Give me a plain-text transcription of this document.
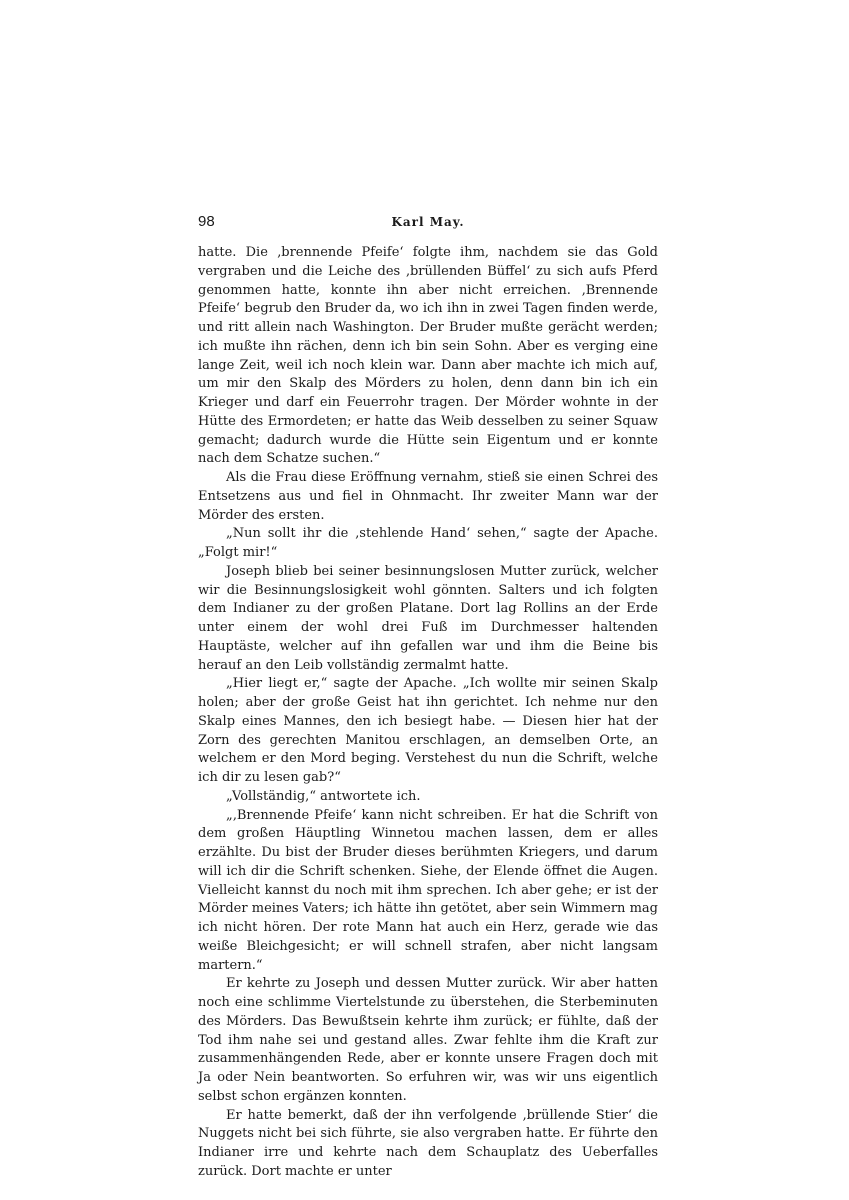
98	Karl May.

hatte. Die ‚brennende Pfeife‘ folgte ihm, nachdem sie das Gold vergraben und die Leiche des ‚brüllenden Büffel‘ zu sich aufs Pferd genommen hatte, konnte ihn aber nicht erreichen. ‚Brennende Pfeife‘ begrub den Bruder da, wo ich ihn in zwei Tagen finden werde, und ritt allein nach Washington. Der Bruder mußte gerächt werden; ich mußte ihn rächen, denn ich bin sein Sohn. Aber es verging eine lange Zeit, weil ich noch klein war. Dann aber machte ich mich auf, um mir den Skalp des Mörders zu holen, denn dann bin ich ein Krieger und darf ein Feuerrohr tragen. Der Mörder wohnte in der Hütte des Ermordeten; er hatte das Weib desselben zu seiner Squaw gemacht; dadurch wurde die Hütte sein Eigentum und er konnte nach dem Schatze suchen.“

Als die Frau diese Eröffnung vernahm, stieß sie einen Schrei des Entsetzens aus und fiel in Ohnmacht. Ihr zweiter Mann war der Mörder des ersten.

„Nun sollt ihr die ‚stehlende Hand‘ sehen,“ sagte der Apache. „Folgt mir!“

Joseph blieb bei seiner besinnungslosen Mutter zurück, welcher wir die Besinnungslosigkeit wohl gönnten. Salters und ich folgten dem Indianer zu der großen Platane. Dort lag Rollins an der Erde unter einem der wohl drei Fuß im Durchmesser haltenden Hauptäste, welcher auf ihn gefallen war und ihm die Beine bis herauf an den Leib vollständig zermalmt hatte.

„Hier liegt er,“ sagte der Apache. „Ich wollte mir seinen Skalp holen; aber der große Geist hat ihn gerichtet. Ich nehme nur den Skalp eines Mannes, den ich besiegt habe. — Diesen hier hat der Zorn des gerechten Manitou erschlagen, an demselben Orte, an welchem er den Mord beging. Verstehest du nun die Schrift, welche ich dir zu lesen gab?“

„Vollständig,“ antwortete ich.

„‚Brennende Pfeife‘ kann nicht schreiben. Er hat die Schrift von dem großen Häuptling Winnetou machen lassen, dem er alles erzählte. Du bist der Bruder dieses berühmten Kriegers, und darum will ich dir die Schrift schenken. Siehe, der Elende öffnet die Augen. Vielleicht kannst du noch mit ihm sprechen. Ich aber gehe; er ist der Mörder meines Vaters; ich hätte ihn getötet, aber sein Wimmern mag ich nicht hören. Der rote Mann hat auch ein Herz, gerade wie das weiße Bleichgesicht; er will schnell strafen, aber nicht langsam martern.“

Er kehrte zu Joseph und dessen Mutter zurück. Wir aber hatten noch eine schlimme Viertelstunde zu überstehen, die Sterbeminuten des Mörders. Das Bewußtsein kehrte ihm zurück; er fühlte, daß der Tod ihm nahe sei und gestand alles. Zwar fehlte ihm die Kraft zur zusammenhängenden Rede, aber er konnte unsere Fragen doch mit Ja oder Nein beantworten. So erfuhren wir, was wir uns eigentlich selbst schon ergänzen konnten.

Er hatte bemerkt, daß der ihn verfolgende ‚brüllende Stier‘ die Nuggets nicht bei sich führte, sie also vergraben hatte. Er führte den Indianer irre und kehrte nach dem Schauplatz des Ueberfalles zurück. Dort machte er unter
